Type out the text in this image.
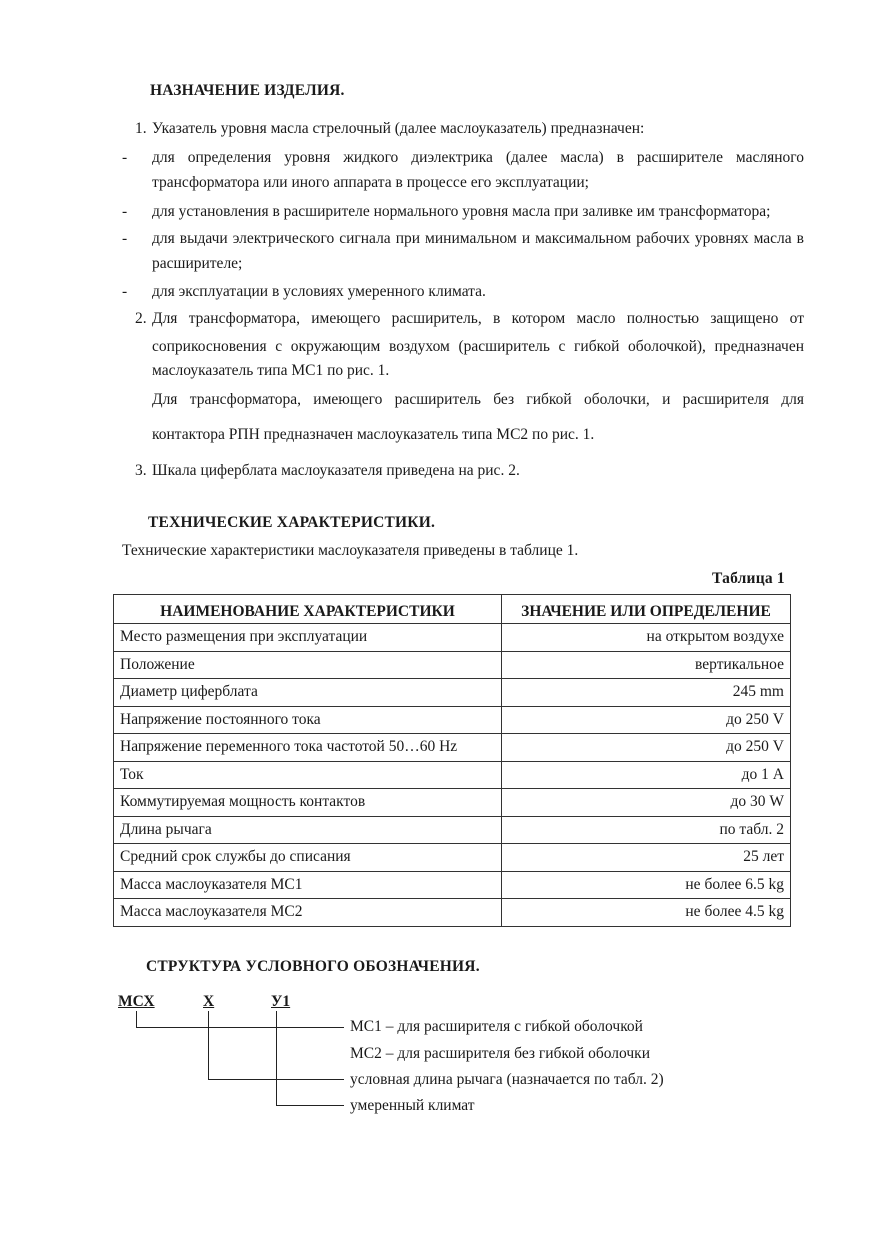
НАЗНАЧЕНИЕ ИЗДЕЛИЯ.
1. Указатель уровня масла стрелочный (далее маслоуказатель) предназначен:
- для определения уровня жидкого диэлектрика (далее масла) в расширителе масляного
трансформатора или иного аппарата в процессе его эксплуатации;
- для установления в расширителе нормального уровня масла при заливке им трансформатора;
- для выдачи электрического сигнала при минимальном и максимальном рабочих уровнях масла в
расширителе;
- для эксплуатации в условиях умеренного климата.
2. Для трансформатора, имеющего расширитель, в котором масло полностью защищено от
соприкосновения с окружающим воздухом (расширитель с гибкой оболочкой), предназначен
маслоуказатель типа МС1 по рис. 1.
Для трансформатора, имеющего расширитель без гибкой оболочки, и расширителя для
контактора РПН предназначен маслоуказатель типа МС2 по рис. 1.
3. Шкала циферблата маслоуказателя приведена на рис. 2.
ТЕХНИЧЕСКИЕ ХАРАКТЕРИСТИКИ.
Технические характеристики маслоуказателя приведены в таблице 1.
Таблица 1
НАИМЕНОВАНИЕ ХАРАКТЕРИСТИКИ	ЗНАЧЕНИЕ ИЛИ ОПРЕДЕЛЕНИЕ
Место размещения при эксплуатации	на открытом воздухе
Положение	вертикальное
Диаметр циферблата	245 mm
Напряжение постоянного тока	до 250 V
Напряжение переменного тока частотой 50…60 Hz	до 250 V
Ток	до 1 А
Коммутируемая мощность контактов	до 30 W
Длина рычага	по табл. 2
Средний срок службы до списания	25 лет
Масса маслоуказателя МС1	не более 6.5 kg
Масса маслоуказателя МС2	не более 4.5 kg
СТРУКТУРА УСЛОВНОГО ОБОЗНАЧЕНИЯ.
МСХ	Х	У1
МС1 – для расширителя с гибкой оболочкой
МС2 – для расширителя без гибкой оболочки
условная длина рычага (назначается по табл. 2)
умеренный климат
